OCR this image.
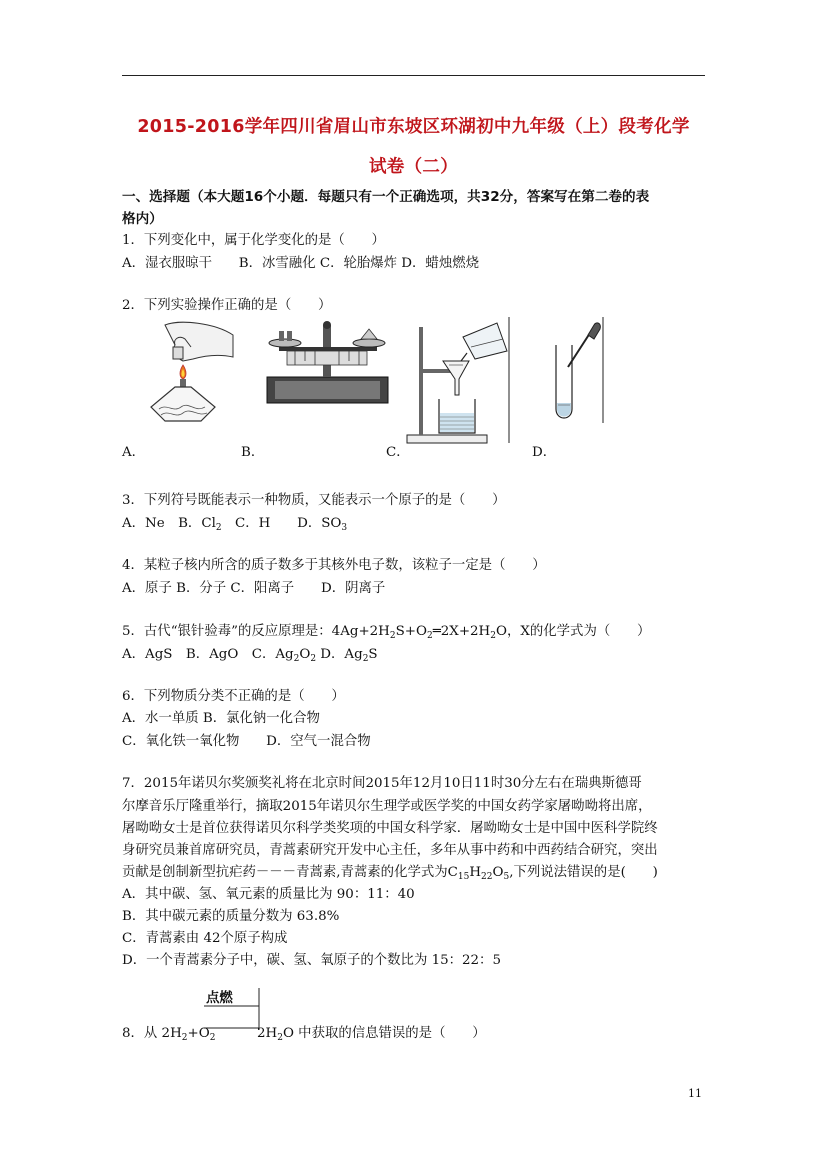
2015-2016学年四川省眉山市东坡区环湖初中九年级（上）段考化学
试卷（二）
一、选择题（本大题16个小题．每题只有一个正确选项，共32分，答案写在第二卷的表
格内）
1．下列变化中，属于化学变化的是（　　）
A．湿衣服晾干　　B．冰雪融化 C．轮胎爆炸 D．蜡烛燃烧
2．下列实验操作正确的是（　　）
A．	B．	C．	D．
3．下列符号既能表示一种物质，又能表示一个原子的是（　　）
A．Ne　B．$Cl_2$　C．H　　D．$SO_3$
4．某粒子核内所含的质子数多于其核外电子数，该粒子一定是（　　）
A．原子 B．分子 C．阳离子　　D．阴离子
5．古代“银针验毒”的反应原理是：$4Ag+2H_2S+O_2═2X+2H_2O$，X的化学式为（　　）
A．AgS　B．AgO　C．$Ag_2O_2$ D．$Ag_2S$
6．下列物质分类不正确的是（　　）
A．水一单质 B．氯化钠一化合物
C．氧化铁一氧化物　　D．空气一混合物
7．2015年诺贝尔奖颁奖礼将在北京时间2015年12月10日11时30分左右在瑞典斯德哥
尔摩音乐厅隆重举行，摘取2015年诺贝尔生理学或医学奖的中国女药学家屠呦呦将出席，
屠呦呦女士是首位获得诺贝尔科学类奖项的中国女科学家．屠呦呦女士是中国中医科学院终
身研究员兼首席研究员，青蒿素研究开发中心主任，多年从事中药和中西药结合研究，突出
贡献是创制新型抗疟药－－－青蒿素,青蒿素的化学式为$C_{15}H_{22}O_5$,下列说法错误的是(　　)
A．其中碳、氢、氧元素的质量比为 90：11：40
B．其中碳元素的质量分数为 63.8%
C．青蒿素由 42个原子构成
D．一个青蒿素分子中，碳、氢、氧原子的个数比为 15：22：5
点燃
8．从 $2H_2+O_2$	$2H_2O$ 中获取的信息错误的是（　　）
11
